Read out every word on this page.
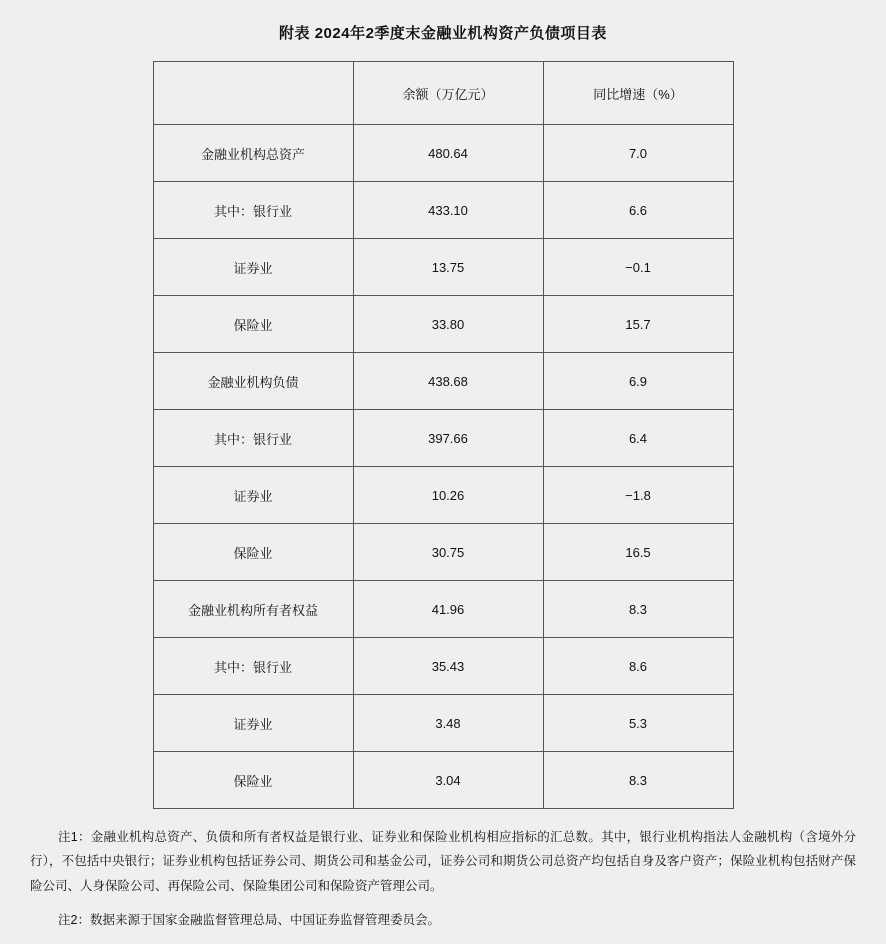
附表 2024年2季度末金融业机构资产负债项目表
	余额（万亿元）	同比增速（%）
金融业机构总资产	480.64	7.0
其中：银行业	433.10	6.6
证券业	13.75	−0.1
保险业	33.80	15.7
金融业机构负债	438.68	6.9
其中：银行业	397.66	6.4
证券业	10.26	−1.8
保险业	30.75	16.5
金融业机构所有者权益	41.96	8.3
其中：银行业	35.43	8.6
证券业	3.48	5.3
保险业	3.04	8.3
注1：金融业机构总资产、负债和所有者权益是银行业、证券业和保险业机构相应指标的汇总数。其中，银行业机构指法人金融机构（含境外分行），不包括中央银行；证券业机构包括证券公司、期货公司和基金公司，证券公司和期货公司总资产均包括自身及客户资产；保险业机构包括财产保险公司、人身保险公司、再保险公司、保险集团公司和保险资产管理公司。
注2：数据来源于国家金融监督管理总局、中国证券监督管理委员会。
